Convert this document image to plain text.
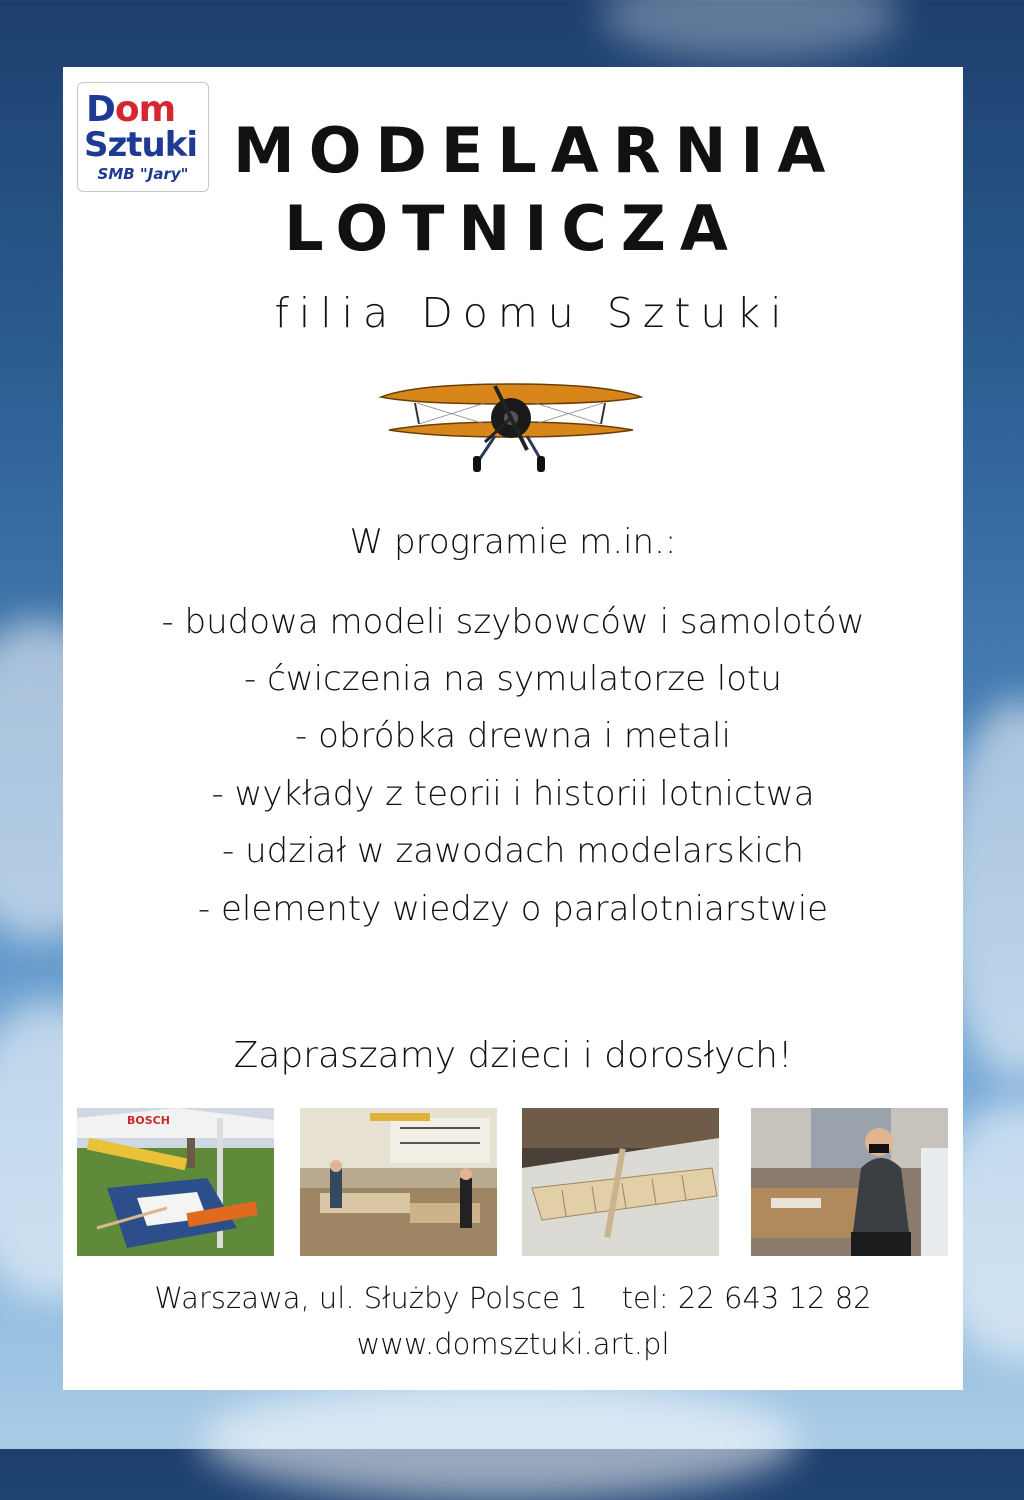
Dom
Sztuki
SMB "Jary" MODELARNIA
LOTNICZA
filia Domu Sztuki
W programie m.in.:
- budowa modeli szybowców i samolotów
- ćwiczenia na symulatorze lotu
- obróbka drewna i metali
- wykłady z teorii i historii lotnictwa
- udział w zawodach modelarskich
- elementy wiedzy o paralotniarstwie
Zapraszamy dzieci i dorosłych!
BOSCH
Warszawa, ul. Służby Polsce 1 tel: 22 643 12 82
www.domsztuki.art.pl
